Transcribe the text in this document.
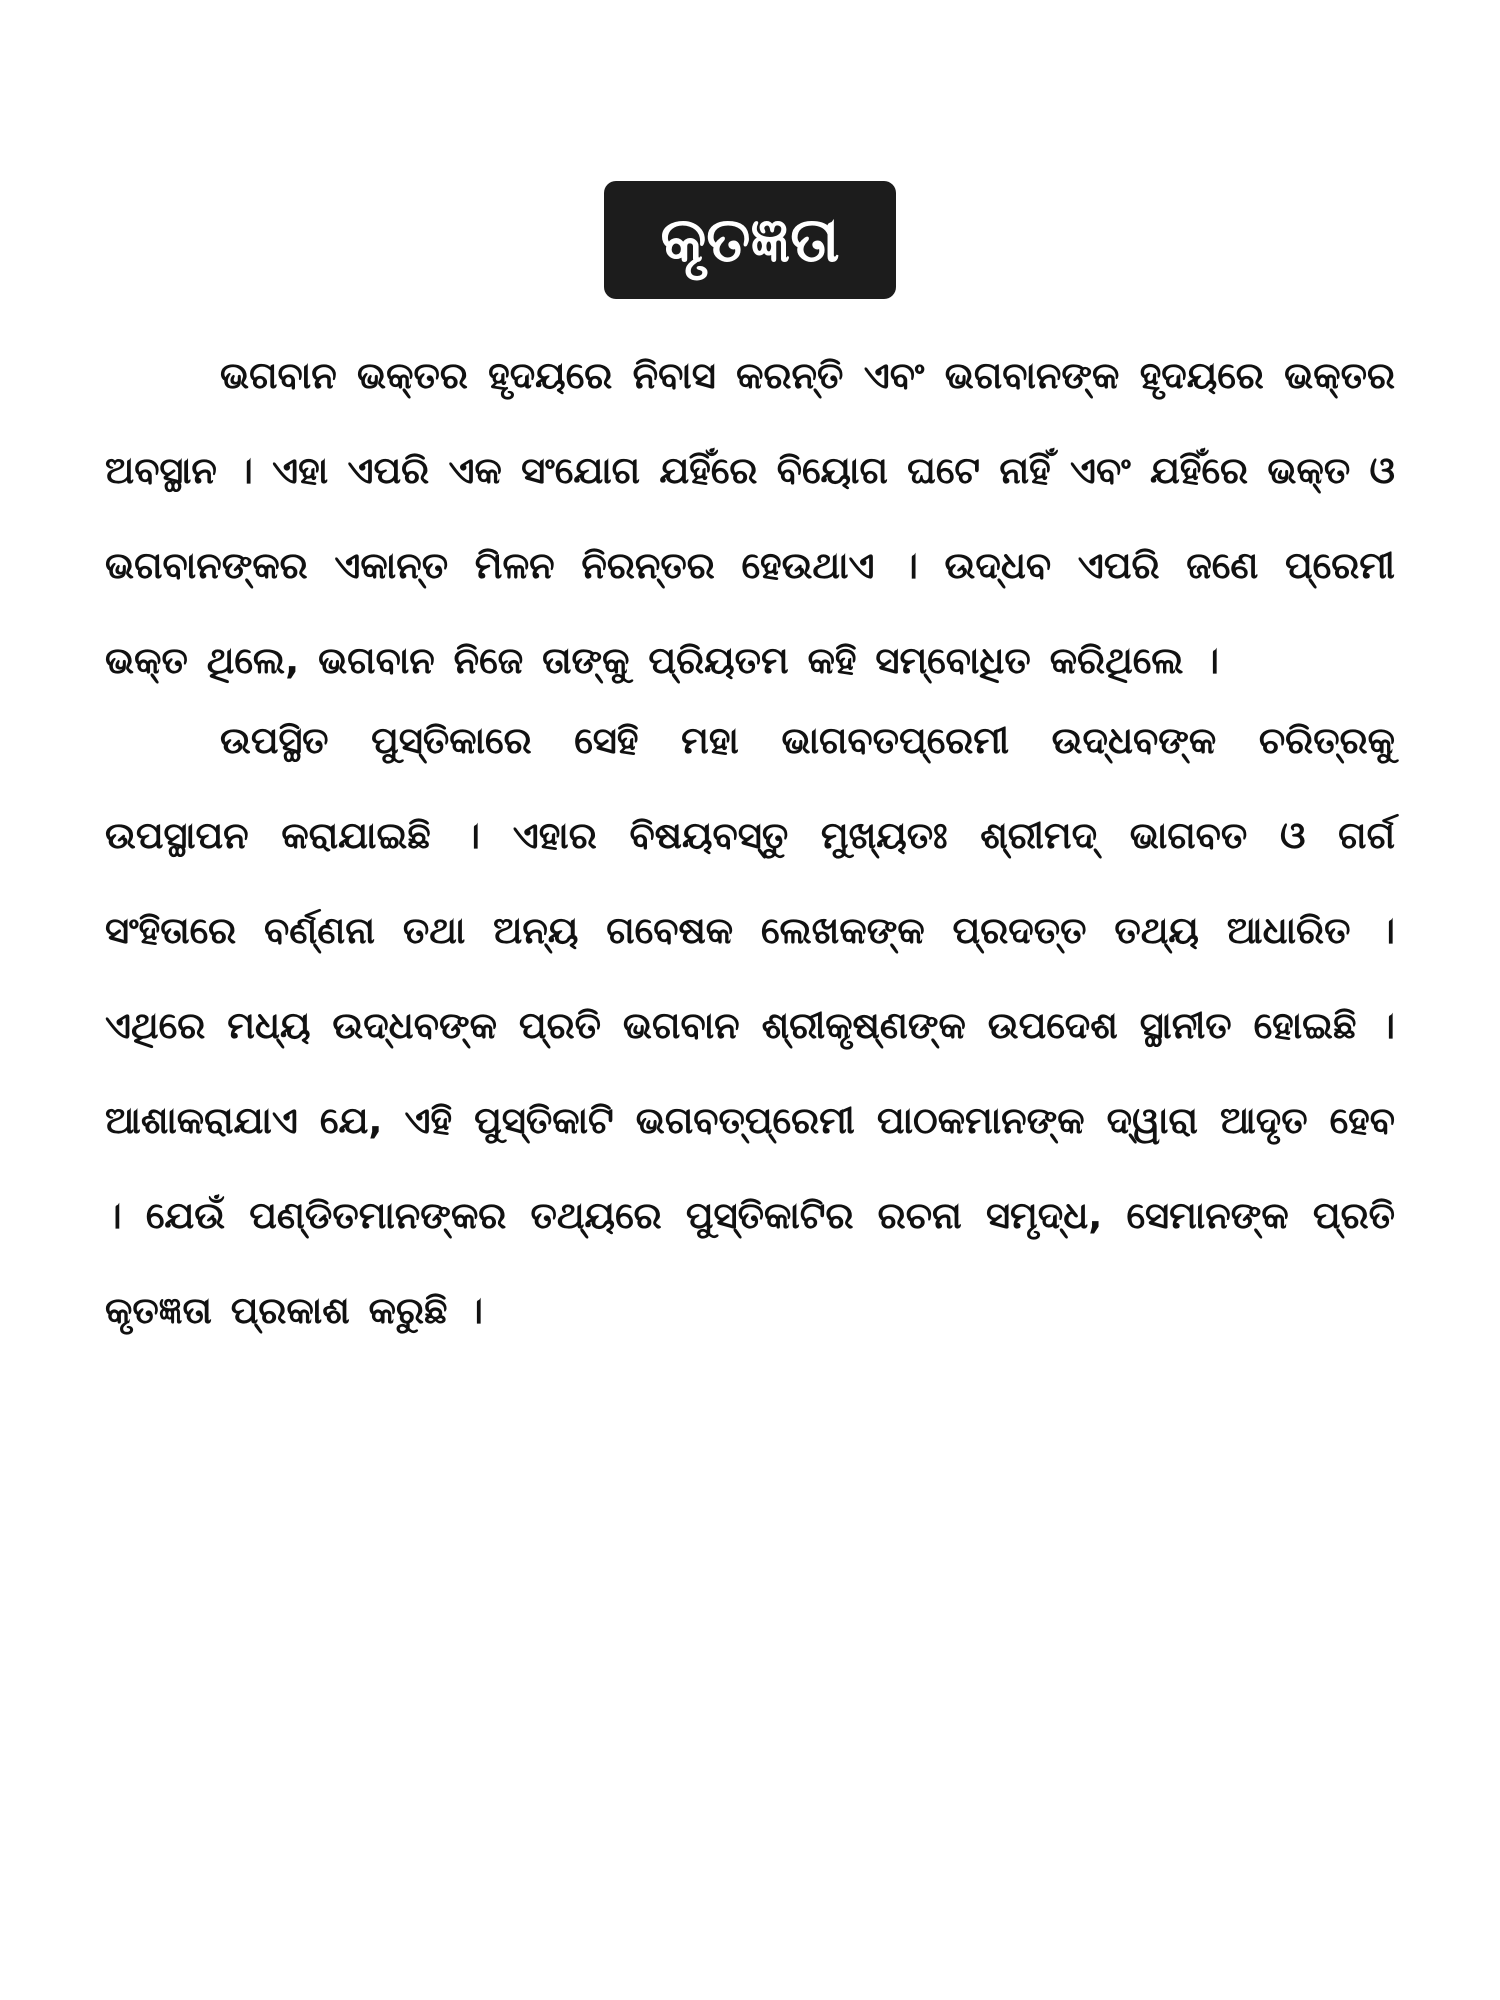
କୃତଜ୍ଞତା

ଭଗବାନ ଭକ୍ତର ହୃଦୟରେ ନିବାସ କରନ୍ତି ଏବଂ ଭଗବାନଙ୍କ ହୃଦୟରେ ଭକ୍ତର ଅବସ୍ଥାନ । ଏହା ଏପରି ଏକ ସଂଯୋଗ ଯହିଁରେ ବିୟୋଗ ଘଟେ ନାହିଁ ଏବଂ ଯହିଁରେ ଭକ୍ତ ଓ ଭଗବାନଙ୍କର ଏକାନ୍ତ ମିଳନ ନିରନ୍ତର ହେଉଥାଏ । ଉଦ୍ଧବ ଏପରି ଜଣେ ପ୍ରେମୀ ଭକ୍ତ ଥିଲେ, ଭଗବାନ ନିଜେ ତାଙ୍କୁ ପ୍ରିୟତମ କହି ସମ୍ବୋଧିତ କରିଥିଲେ ।

ଉପସ୍ଥିତ ପୁସ୍ତିକାରେ ସେହି ମହା ଭାଗବତପ୍ରେମୀ ଉଦ୍ଧବଙ୍କ ଚରିତ୍ରକୁ ଉପସ୍ଥାପନ କରାଯାଇଛି । ଏହାର ବିଷୟବସ୍ତୁ ମୁଖ୍ୟତଃ ଶ୍ରୀମଦ୍ ଭାଗବତ ଓ ଗର୍ଗ ସଂହିତାରେ ବର୍ଣ୍ଣନା ତଥା ଅନ୍ୟ ଗବେଷକ ଲେଖକଙ୍କ ପ୍ରଦତ୍ତ ତଥ୍ୟ ଆଧାରିତ । ଏଥିରେ ମଧ୍ୟ ଉଦ୍ଧବଙ୍କ ପ୍ରତି ଭଗବାନ ଶ୍ରୀକୃଷ୍ଣଙ୍କ ଉପଦେଶ ସ୍ଥାନୀତ ହୋଇଛି । ଆଶାକରାଯାଏ ଯେ, ଏହି ପୁସ୍ତିକାଟି ଭଗବତ୍‌ପ୍ରେମୀ ପାଠକମାନଙ୍କ ଦ୍ୱାରା ଆଦୃତ ହେବ । ଯେଉଁ ପଣ୍ଡିତମାନଙ୍କର ତଥ୍ୟରେ ପୁସ୍ତିକାଟିର ରଚନା ସମୃଦ୍ଧ, ସେମାନଙ୍କ ପ୍ରତି କୃତଜ୍ଞତା ପ୍ରକାଶ କରୁଛି ।
